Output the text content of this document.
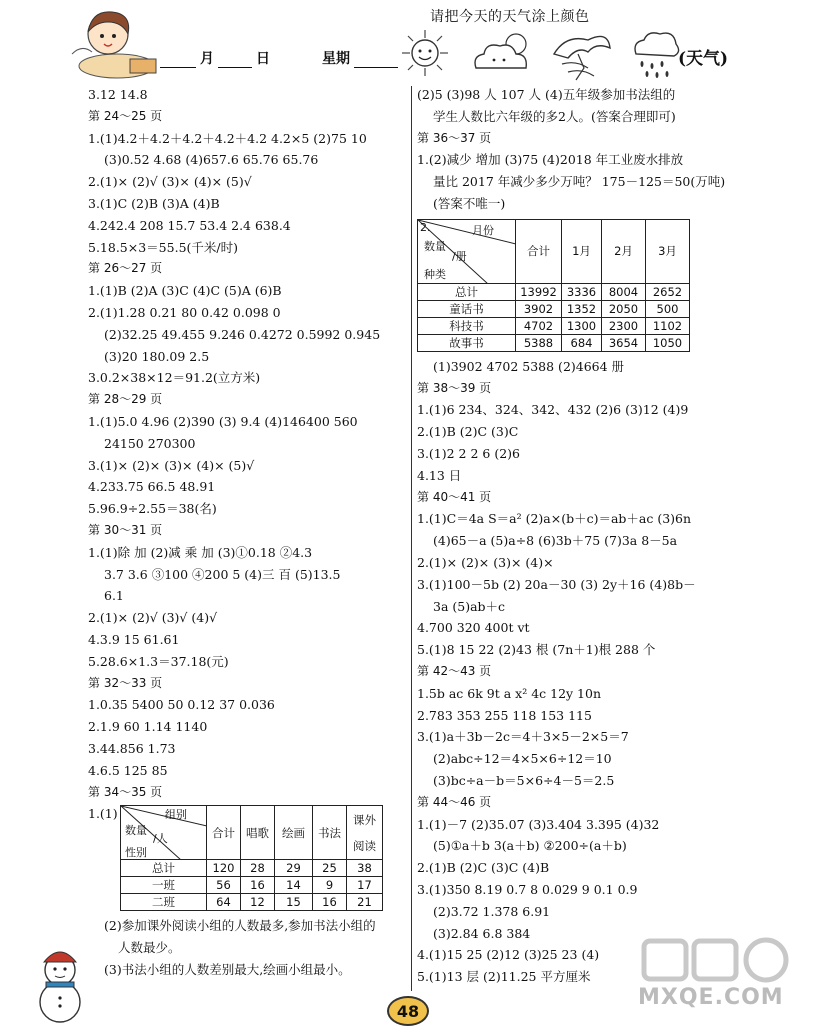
请把今天的天气涂上颜色
月	日	星期	(天气)
3.12 14.8
第 24～25 页
1.(1)4.2＋4.2＋4.2＋4.2＋4.2 4.2×5 (2)75 10
(3)0.52 4.68 (4)657.6 65.76 65.76
2.(1)× (2)√ (3)× (4)× (5)√
3.(1)C (2)B (3)A (4)B
4.242.4 208 15.7 53.4 2.4 638.4
5.18.5×3＝55.5(千米/时)
第 26～27 页
1.(1)B (2)A (3)C (4)C (5)A (6)B
2.(1)1.28 0.21 80 0.42 0.098 0
(2)32.25 49.455 9.246 0.4272 0.5992 0.945
(3)20 180.09 2.5
3.0.2×38×12＝91.2(立方米)
第 28～29 页
1.(1)5.0 4.96 (2)390 (3) 9.4 (4)146400 560
24150 270300
3.(1)× (2)× (3)× (4)× (5)√
4.233.75 66.5 48.91
5.96.9÷2.55＝38(名)
第 30～31 页
1.(1)除 加 (2)减 乘 加 (3)①0.18 ②4.3
3.7 3.6 ③100 ④200 5 (4)三 百 (5)13.5
6.1
2.(1)× (2)√ (3)√ (4)√
4.3.9 15 61.61
5.28.6×1.3＝37.18(元)
第 32～33 页
1.0.35 5400 50 0.12 37 0.036
2.1.9 60 1.14 1140
3.44.856 1.73
4.6.5 125 85
第 34～35 页
1.(1)	组别
数量
/人
性别	合计	唱歌	绘画	书法	课外
					阅读
总计	120	28	29	25	38
一班	56	16	14	9	17
二班	64	12	15	16	21
(2)参加课外阅读小组的人数最多,参加书法小组的
人数最少。
(3)书法小组的人数差别最大,绘画小组最小。
(2)5 (3)98 人 107 人 (4)五年级参加书法组的
学生人数比六年级的多2人。(答案合理即可)
第 36～37 页
1.(2)减少 增加 (3)75 (4)2018 年工业废水排放
量比 2017 年减少多少万吨？ 175－125＝50(万吨)
(答案不唯一)
2. 月份
数量
/册
种类	合计	1月	2月	3月
总计	13992	3336	8004	2652
童话书	3902	1352	2050	500
科技书	4702	1300	2300	1102
故事书	5388	684	3654	1050
(1)3902 4702 5388 (2)4664 册
第 38～39 页
1.(1)6 234、324、342、432 (2)6 (3)12 (4)9
2.(1)B (2)C (3)C
3.(1)2 2 2 6 (2)6
4.13 日
第 40～41 页
1.(1)C＝4a S＝a² (2)a×(b＋c)＝ab＋ac (3)6n
(4)65－a (5)a÷8 (6)3b＋75 (7)3a 8－5a
2.(1)× (2)× (3)× (4)×
3.(1)100－5b (2) 20a－30 (3) 2y＋16 (4)8b－
3a (5)ab＋c
4.700 320 400t vt
5.(1)8 15 22 (2)43 根 (7n＋1)根 288 个
第 42～43 页
1.5b ac 6k 9t a x² 4c 12y 10n
2.783 353 255 118 153 115
3.(1)a＋3b－2c＝4＋3×5－2×5＝7
(2)abc÷12＝4×5×6÷12＝10
(3)bc÷a－b＝5×6÷4－5＝2.5
第 44～46 页
1.(1)－7 (2)35.07 (3)3.404 3.395 (4)32
(5)①a＋b 3(a＋b) ②200÷(a＋b)
2.(1)B (2)C (3)C (4)B
3.(1)350 8.19 0.7 8 0.029 9 0.1 0.9
(2)3.72 1.378 6.91
(3)2.84 6.8 384
4.(1)15 25 (2)12 (3)25 23 (4)
5.(1)13 层 (2)11.25 平方厘米
MXQE.COM
48
